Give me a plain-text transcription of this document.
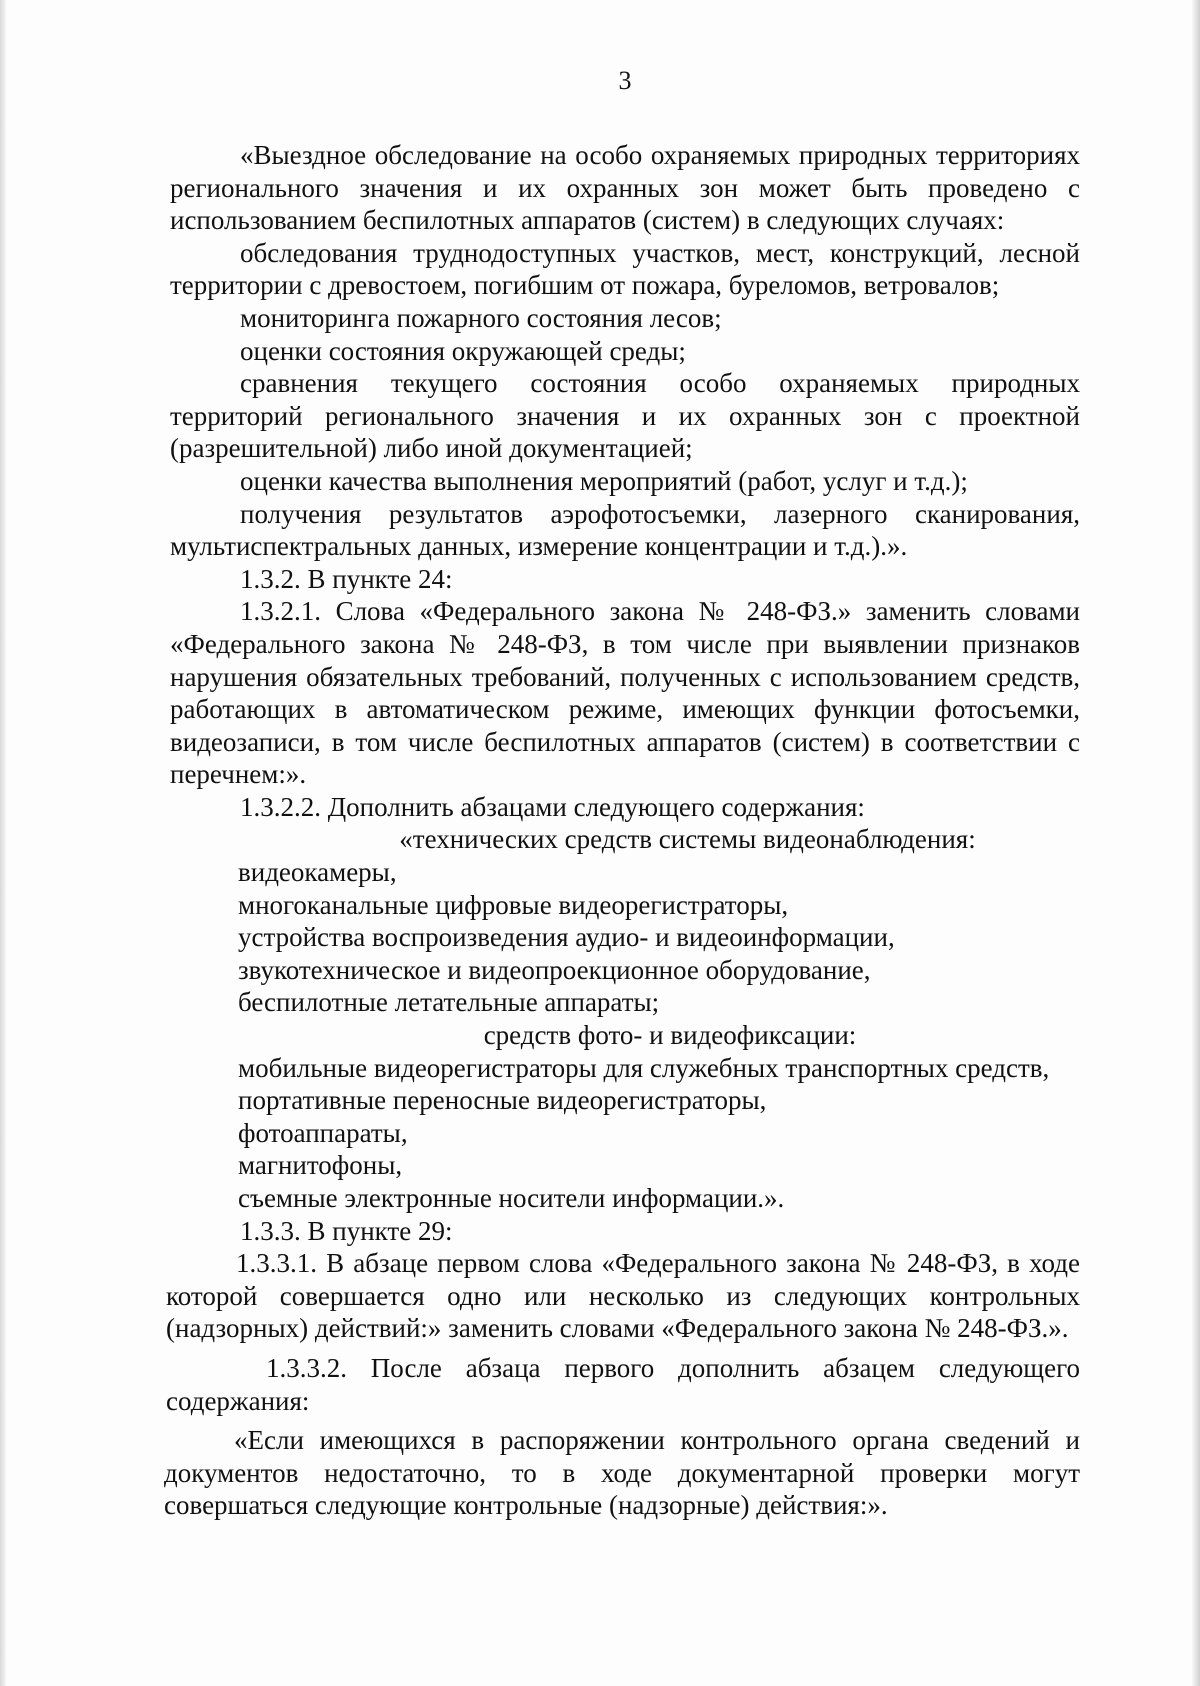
3

«Выездное обследование на особо охраняемых природных территориях регионального значения и их охранных зон может быть проведено с использованием беспилотных аппаратов (систем) в следующих случаях:

обследования труднодоступных участков, мест, конструкций, лесной территории с древостоем, погибшим от пожара, буреломов, ветровалов;

мониторинга пожарного состояния лесов;

оценки состояния окружающей среды;

сравнения текущего состояния особо охраняемых природных территорий регионального значения и их охранных зон с проектной (разрешительной) либо иной документацией;

оценки качества выполнения мероприятий (работ, услуг и т.д.);

получения результатов аэрофотосъемки, лазерного сканирования, мультиспектральных данных, измерение концентрации и т.д.).».

1.3.2. В пункте 24:

1.3.2.1. Слова «Федерального закона № 248-ФЗ.» заменить словами «Федерального закона № 248-ФЗ, в том числе при выявлении признаков нарушения обязательных требований, полученных с использованием средств, работающих в автоматическом режиме, имеющих функции фотосъемки, видеозаписи, в том числе беспилотных аппаратов (систем) в соответствии с перечнем:».

1.3.2.2. Дополнить абзацами следующего содержания:

«технических средств системы видеонаблюдения:

видеокамеры,

многоканальные цифровые видеорегистраторы,

устройства воспроизведения аудио- и видеоинформации,

звукотехническое и видеопроекционное оборудование,

беспилотные летательные аппараты;

средств фото- и видеофиксации:

мобильные видеорегистраторы для служебных транспортных средств,

портативные переносные видеорегистраторы,

фотоаппараты,

магнитофоны,

съемные электронные носители информации.».

1.3.3. В пункте 29:

1.3.3.1. В абзаце первом слова «Федерального закона № 248-ФЗ, в ходе которой совершается одно или несколько из следующих контрольных (надзорных) действий:» заменить словами «Федерального закона № 248-ФЗ.».

1.3.3.2. После абзаца первого дополнить абзацем следующего содержания:

«Если имеющихся в распоряжении контрольного органа сведений и документов недостаточно, то в ходе документарной проверки могут совершаться следующие контрольные (надзорные) действия:».
